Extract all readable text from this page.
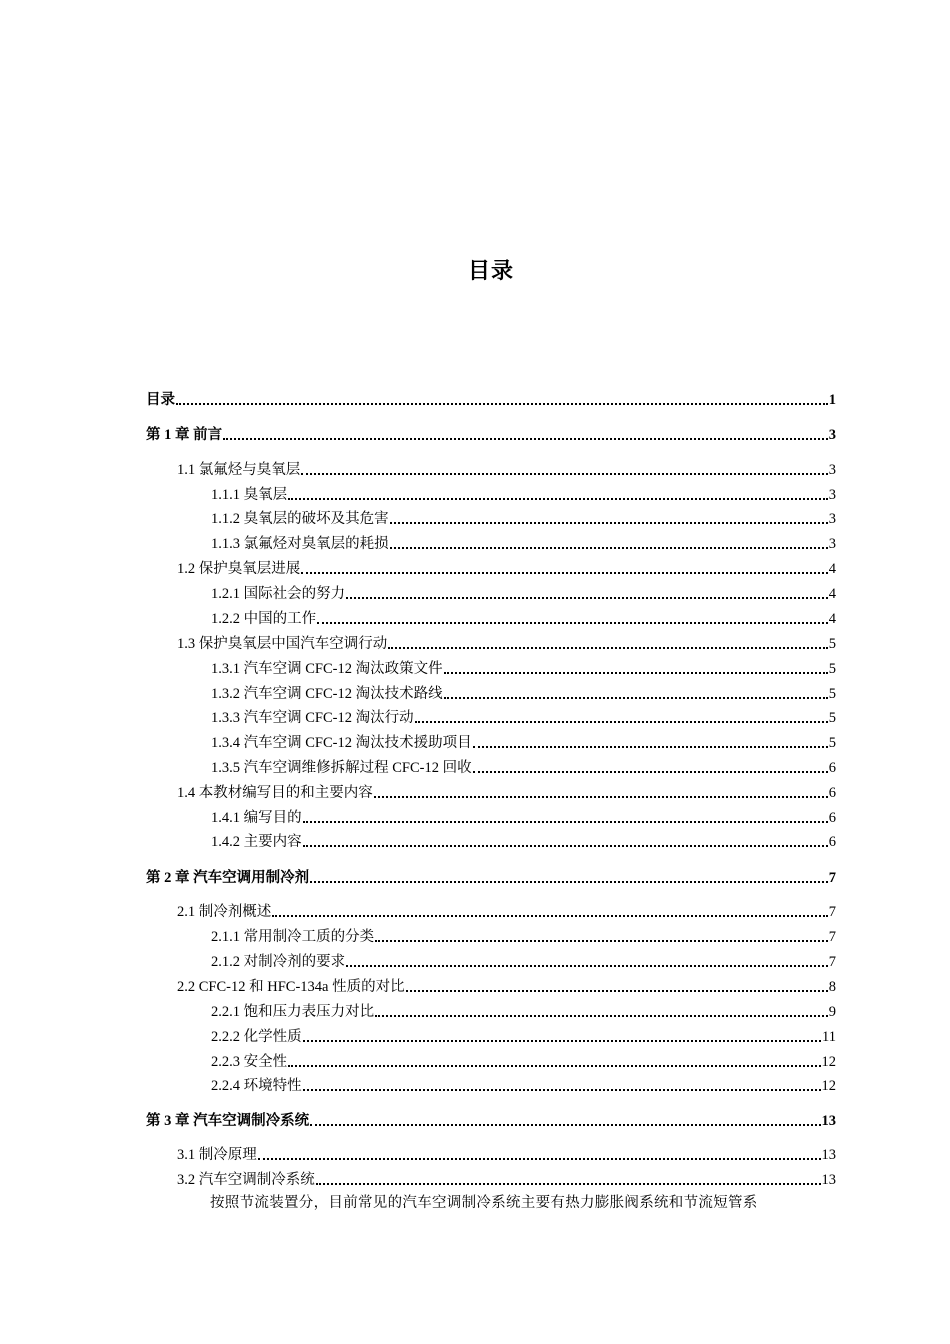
目录
目录	1
第 1 章 前言	3
1.1 氯氟烃与臭氧层	3
1.1.1 臭氧层	3
1.1.2 臭氧层的破坏及其危害	3
1.1.3 氯氟烃对臭氧层的耗损	3
1.2 保护臭氧层进展	4
1.2.1 国际社会的努力	4
1.2.2 中国的工作	4
1.3 保护臭氧层中国汽车空调行动	5
1.3.1 汽车空调 CFC-12 淘汰政策文件	5
1.3.2 汽车空调 CFC-12 淘汰技术路线	5
1.3.3 汽车空调 CFC-12 淘汰行动	5
1.3.4 汽车空调 CFC-12 淘汰技术援助项目	5
1.3.5 汽车空调维修拆解过程 CFC-12 回收	6
1.4 本教材编写目的和主要内容	6
1.4.1 编写目的	6
1.4.2 主要内容	6
第 2 章 汽车空调用制冷剂	7
2.1 制冷剂概述	7
2.1.1 常用制冷工质的分类	7
2.1.2 对制冷剂的要求	7
2.2 CFC-12 和 HFC-134a 性质的对比	8
2.2.1 饱和压力表压力对比	9
2.2.2 化学性质	11
2.2.3 安全性	12
2.2.4 环境特性	12
第 3 章 汽车空调制冷系统	13
3.1 制冷原理	13
3.2 汽车空调制冷系统	13
按照节流装置分，目前常见的汽车空调制冷系统主要有热力膨胀阀系统和节流短管系
